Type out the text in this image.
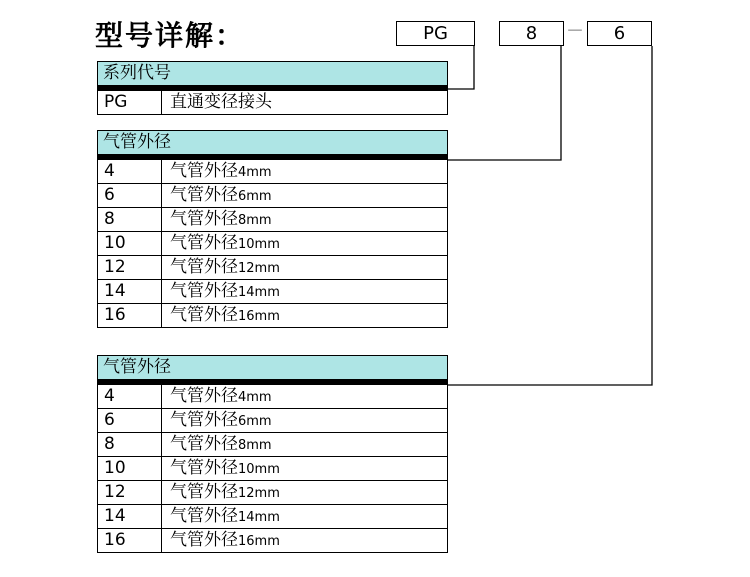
型号详解：	PG	8	－	6
系列代号
PG	直通变径接头
气管外径
4	气管外径4mm
6	气管外径6mm
8	气管外径8mm
10	气管外径10mm
12	气管外径12mm
14	气管外径14mm
16	气管外径16mm
气管外径
4	气管外径4mm
6	气管外径6mm
8	气管外径8mm
10	气管外径10mm
12	气管外径12mm
14	气管外径14mm
16	气管外径16mm
